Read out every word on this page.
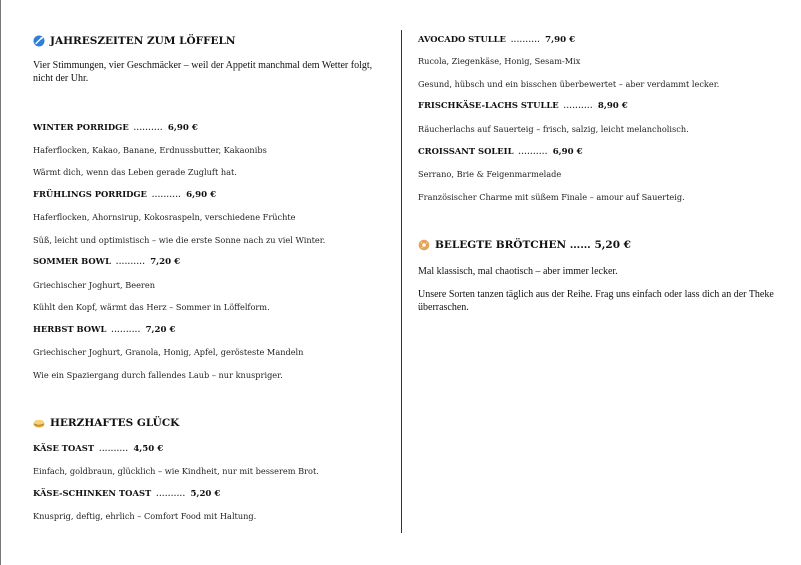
JAHRESZEITEN ZUM LÖFFELN
Vier Stimmungen, vier Geschmäcker – weil der Appetit manchmal dem Wetter folgt, nicht der Uhr.
WINTER PORRIDGE .......... 6,90 €
Haferflocken, Kakao, Banane, Erdnussbutter, Kakaonibs
Wärmt dich, wenn das Leben gerade Zugluft hat.
FRÜHLINGS PORRIDGE .......... 6,90 €
Haferflocken, Ahornsirup, Kokosraspeln, verschiedene Früchte
Süß, leicht und optimistisch – wie die erste Sonne nach zu viel Winter.
SOMMER BOWL .......... 7,20 €
Griechischer Joghurt, Beeren
Kühlt den Kopf, wärmt das Herz – Sommer in Löffelform.
HERBST BOWL .......... 7,20 €
Griechischer Joghurt, Granola, Honig, Apfel, gerösteste Mandeln
Wie ein Spaziergang durch fallendes Laub – nur knuspriger.
HERZHAFTES GLÜCK
KÄSE TOAST .......... 4,50 €
Einfach, goldbraun, glücklich – wie Kindheit, nur mit besserem Brot.
KÄSE-SCHINKEN TOAST .......... 5,20 €
Knusprig, deftig, ehrlich – Comfort Food mit Haltung.
AVOCADO STULLE .......... 7,90 €
Rucola, Ziegenkäse, Honig, Sesam-Mix
Gesund, hübsch und ein bisschen überbewertet – aber verdammt lecker.
FRISCHKÄSE-LACHS STULLE .......... 8,90 €
Räucherlachs auf Sauerteig – frisch, salzig, leicht melancholisch.
CROISSANT SOLEIL .......... 6,90 €
Serrano, Brie & Feigenmarmelade
Französischer Charme mit süßem Finale – amour auf Sauerteig.
BELEGTE BRÖTCHEN …… 5,20 €
Mal klassisch, mal chaotisch – aber immer lecker.
Unsere Sorten tanzen täglich aus der Reihe. Frag uns einfach oder lass dich an der Theke überraschen.
